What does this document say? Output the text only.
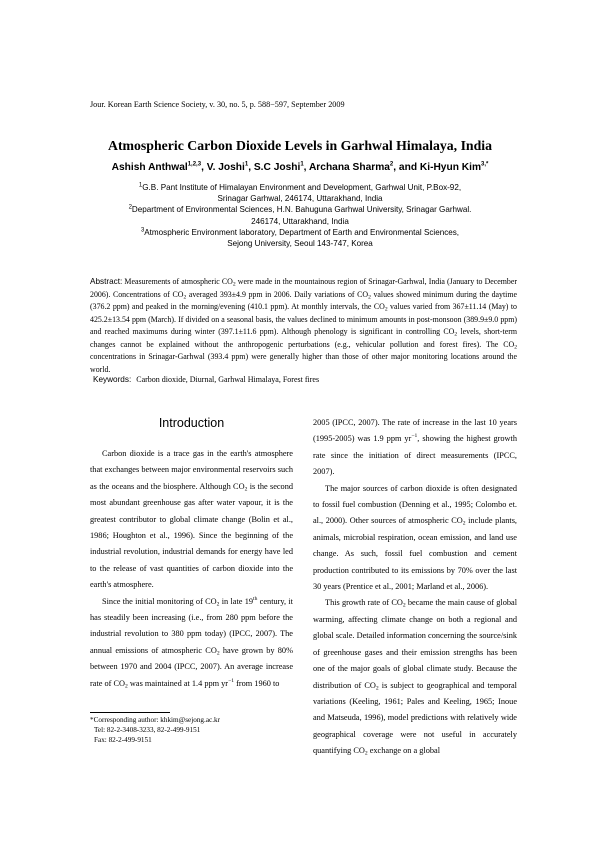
Jour. Korean Earth Science Society, v. 30, no. 5, p. 588−597, September 2009
Atmospheric Carbon Dioxide Levels in Garhwal Himalaya, India
Ashish Anthwal$^{1,2,3}$, V. Joshi$^1$, S.C Joshi$^1$, Archana Sharma$^2$, and Ki-Hyun Kim$^{3,*}$

$^1$G.B. Pant Institute of Himalayan Environment and Development, Garhwal Unit, P.Box-92,
Srinagar Garhwal, 246174, Uttarakhand, India

$^2$Department of Environmental Sciences, H.N. Bahuguna Garhwal University, Srinagar Garhwal.
246174, Uttarakhand, India

$^3$Atmospheric Environment laboratory, Department of Earth and Environmental Sciences,
Sejong University, Seoul 143-747, Korea

Abstract: Measurements of atmospheric $CO_2$ were made in the mountainous region of Srinagar-Garhwal, India (January to December 2006). Concentrations of $CO_2$ averaged 393±4.9 ppm in 2006. Daily variations of $CO_2$ values showed minimum during the daytime (376.2 ppm) and peaked in the morning/evening (410.1 ppm). At monthly intervals, the $CO_2$ values varied from 367±11.14 (May) to 425.2±13.54 ppm (March). If divided on a seasonal basis, the values declined to minimum amounts in post-monsoon (389.9±9.0 ppm) and reached maximums during winter (397.1±11.6 ppm). Although phenology is significant in controlling $CO_2$ levels, short-term changes cannot be explained without the anthropogenic perturbations (e.g., vehicular pollution and forest fires). The $CO_2$ concentrations in Srinagar-Garhwal (393.4 ppm) were generally higher than those of other major monitoring locations around the world.
Keywords: Carbon dioxide, Diurnal, Garhwal Himalaya, Forest fires
Introduction

Carbon dioxide is a trace gas in the earth's atmosphere that exchanges between major environmental reservoirs such as the oceans and the biosphere. Although $CO_2$ is the second most abundant greenhouse gas after water vapour, it is the greatest contributor to global climate change (Bolin et al., 1986; Houghton et al., 1996). Since the beginning of the industrial revolution, industrial demands for energy have led to the release of vast quantities of carbon dioxide into the earth's atmosphere.

Since the initial monitoring of $CO_2$ in late 19th century, it has steadily been increasing (i.e., from 280 ppm before the industrial revolution to 380 ppm today) (IPCC, 2007). The annual emissions of atmospheric $CO_2$ have grown by 80% between 1970 and 2004 (IPCC, 2007). An average increase rate of $CO_2$ was maintained at 1.4 ppm $yr^{-1}$ from 1960 to

2005 (IPCC, 2007). The rate of increase in the last 10 years (1995-2005) was 1.9 ppm $yr^{-1}$, showing the highest growth rate since the initiation of direct measurements (IPCC, 2007).

The major sources of carbon dioxide is often designated to fossil fuel combustion (Denning et al., 1995; Colombo et. al., 2000). Other sources of atmospheric $CO_2$ include plants, animals, microbial respiration, ocean emission, and land use change. As such, fossil fuel combustion and cement production contributed to its emissions by 70% over the last 30 years (Prentice et al., 2001; Marland et al., 2006).

This growth rate of $CO_2$ became the main cause of global warming, affecting climate change on both a regional and global scale. Detailed information concerning the source/sink of greenhouse gases and their emission strengths has been one of the major goals of global climate study. Because the distribution of $CO_2$ is subject to geographical and temporal variations (Keeling, 1961; Pales and Keeling, 1965; Inoue and Matseuda, 1996), model predictions with relatively wide geographical coverage were not useful in accurately quantifying $CO_2$ exchange on a global

*Corresponding author: khkim@sejong.ac.kr
Tel: 82-2-3408-3233, 82-2-499-9151
Fax: 82-2-499-9151
